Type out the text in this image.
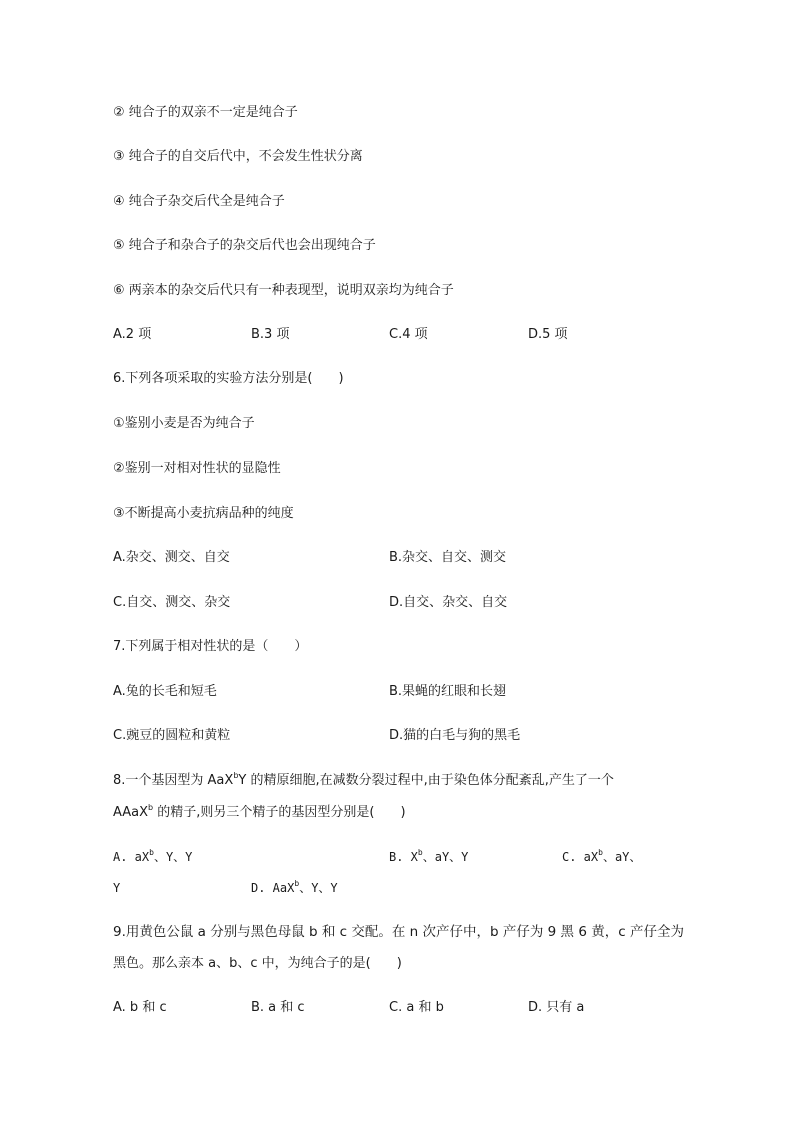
② 纯合子的双亲不一定是纯合子
③ 纯合子的自交后代中，不会发生性状分离
④ 纯合子杂交后代全是纯合子
⑤ 纯合子和杂合子的杂交后代也会出现纯合子
⑥ 两亲本的杂交后代只有一种表现型，说明双亲均为纯合子
A.2 项	B.3 项	C.4 项	D.5 项
6.下列各项采取的实验方法分别是(　　)
①鉴别小麦是否为纯合子
②鉴别一对相对性状的显隐性
③不断提高小麦抗病品种的纯度
A.杂交、测交、自交	B.杂交、自交、测交
C.自交、测交、杂交	D.自交、杂交、自交
7.下列属于相对性状的是（　　）
A.兔的长毛和短毛	B.果蝇的红眼和长翅
C.豌豆的圆粒和黄粒	D.猫的白毛与狗的黑毛
8.一个基因型为 AaX$^b$Y 的精原细胞,在减数分裂过程中,由于染色体分配紊乱,产生了一个
AAaX$^b$ 的精子,则另三个精子的基因型分别是(　　)
A. $aX^b$、Y、Y	B. $X^b$、aY、Y	C. $aX^b$、aY、
Y	D. AaX$^b$、Y、Y
9.用黄色公鼠 a 分别与黑色母鼠 b 和 c 交配。在 n 次产仔中，b 产仔为 9 黑 6 黄，c 产仔全为
黑色。那么亲本 a、b、c 中，为纯合子的是(　　)
A. b 和 c	B. a 和 c	C. a 和 b	D. 只有 a
